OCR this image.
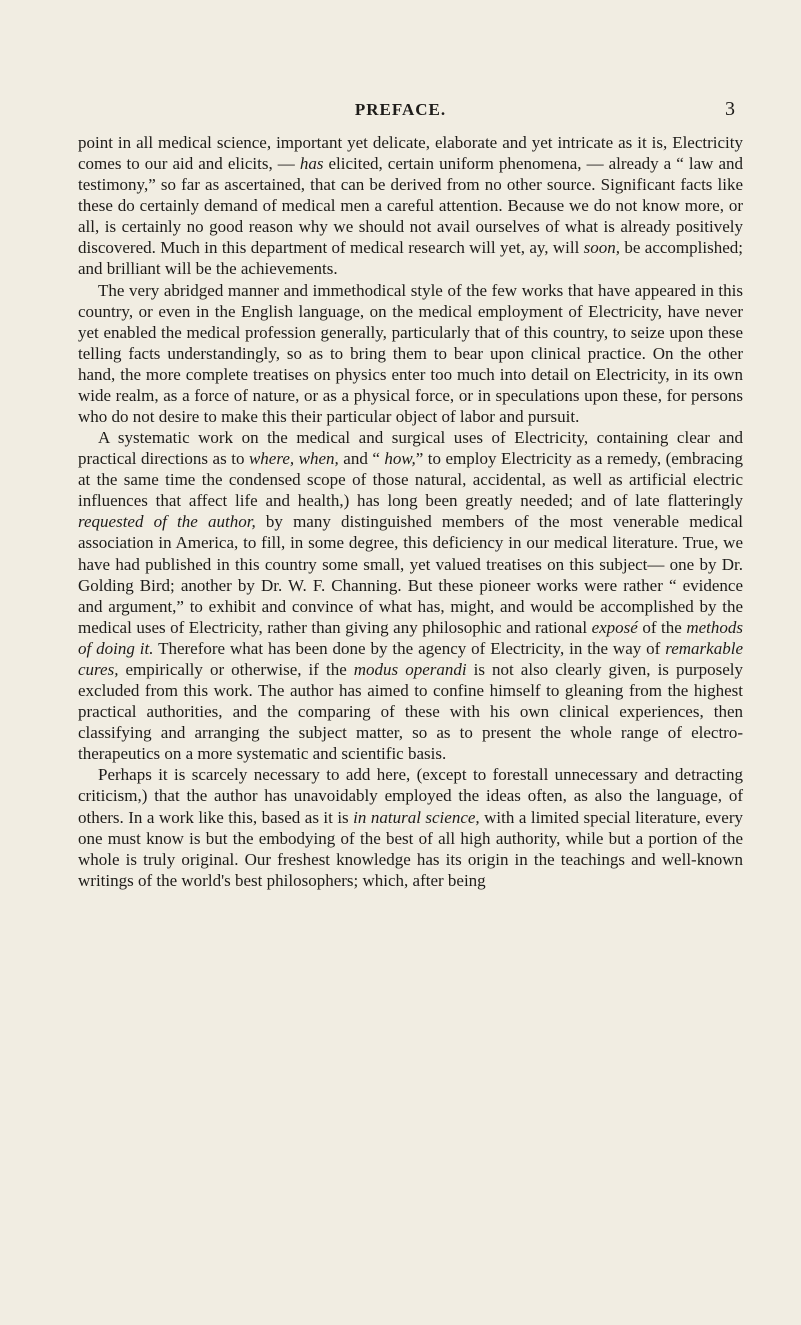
PREFACE.	3

point in all medical science, important yet delicate, elaborate and yet intricate as it is, Electricity comes to our aid and elicits, — has elicited, certain uniform phenomena, — already a “ law and testimony,” so far as ascertained, that can be derived from no other source. Significant facts like these do certainly demand of medical men a careful attention. Because we do not know more, or all, is certainly no good reason why we should not avail ourselves of what is already positively discovered. Much in this department of medical research will yet, ay, will soon, be accomplished; and brilliant will be the achievements.

The very abridged manner and immethodical style of the few works that have appeared in this country, or even in the English language, on the medical employment of Electricity, have never yet enabled the medical profession generally, particularly that of this country, to seize upon these telling facts understandingly, so as to bring them to bear upon clinical practice. On the other hand, the more complete treatises on physics enter too much into detail on Electricity, in its own wide realm, as a force of nature, or as a physical force, or in speculations upon these, for persons who do not desire to make this their particular object of labor and pursuit.

A systematic work on the medical and surgical uses of Electricity, containing clear and practical directions as to where, when, and “ how,” to employ Electricity as a remedy, (embracing at the same time the condensed scope of those natural, accidental, as well as artificial electric influences that affect life and health,) has long been greatly needed; and of late flatteringly requested of the author, by many distinguished members of the most venerable medical association in America, to fill, in some degree, this deficiency in our medical literature. True, we have had published in this country some small, yet valued treatises on this subject— one by Dr. Golding Bird; another by Dr. W. F. Channing. But these pioneer works were rather “ evidence and argument,” to exhibit and convince of what has, might, and would be accomplished by the medical uses of Electricity, rather than giving any philosophic and rational exposé of the methods of doing it. Therefore what has been done by the agency of Electricity, in the way of remarkable cures, empirically or otherwise, if the modus operandi is not also clearly given, is purposely excluded from this work. The author has aimed to confine himself to gleaning from the highest practical authorities, and the comparing of these with his own clinical experiences, then classifying and arranging the subject matter, so as to present the whole range of electro-therapeutics on a more systematic and scientific basis.

Perhaps it is scarcely necessary to add here, (except to forestall unnecessary and detracting criticism,) that the author has unavoidably employed the ideas often, as also the language, of others. In a work like this, based as it is in natural science, with a limited special literature, every one must know is but the embodying of the best of all high authority, while but a portion of the whole is truly original. Our freshest knowledge has its origin in the teachings and well-known writings of the world's best philosophers; which, after being
